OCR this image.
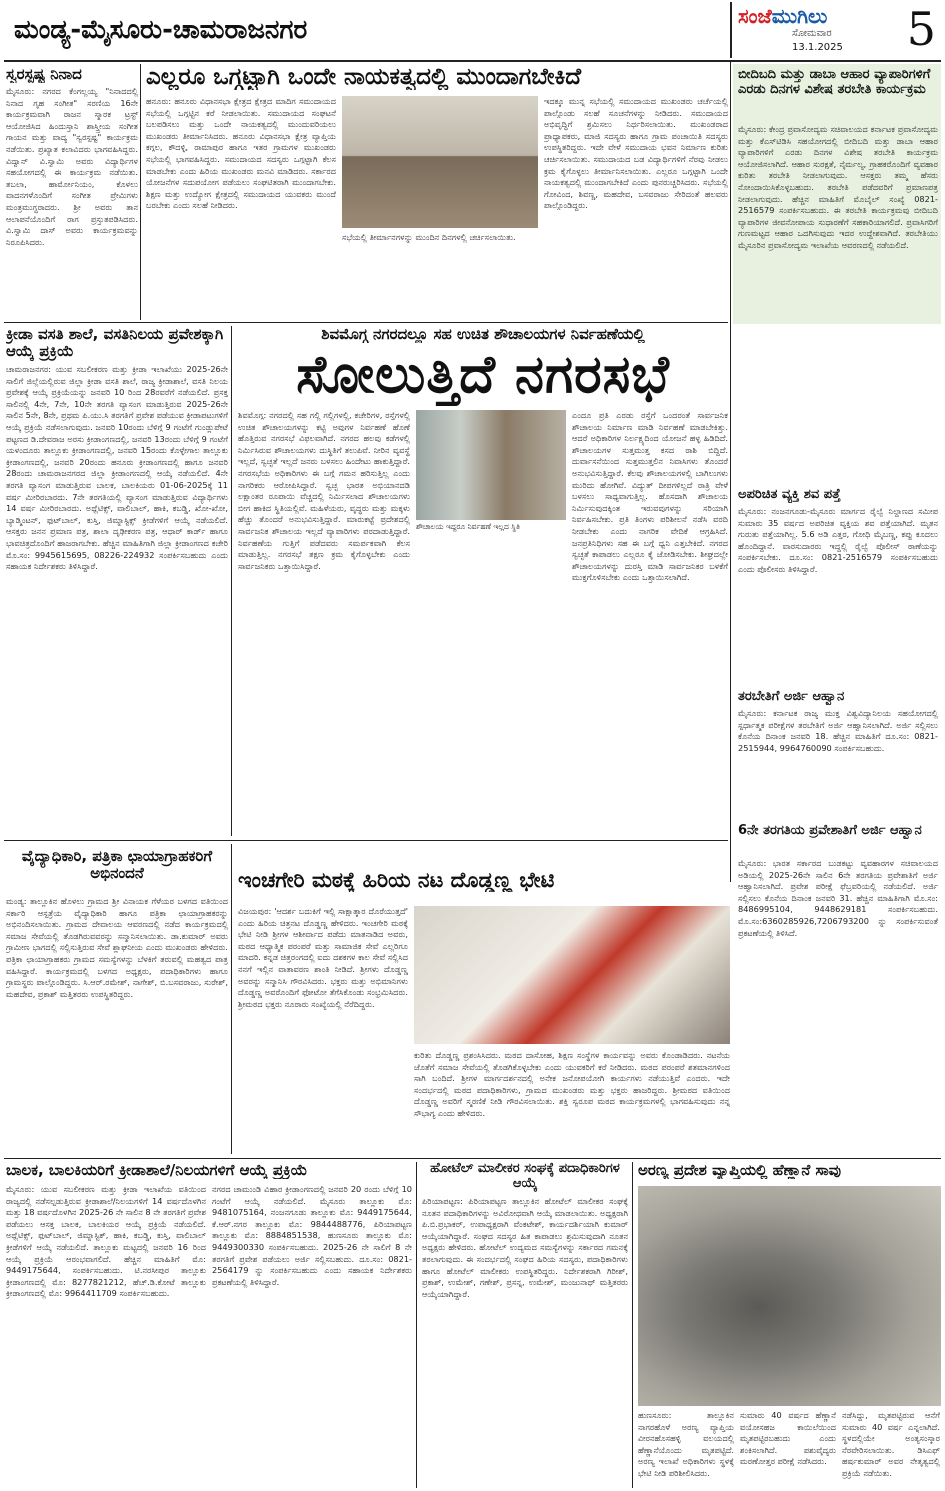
ಮಂಡ್ಯ-ಮೈಸೂರು-ಚಾಮರಾಜನಗರ	ಸಂಜೆಮುಗಿಲು
ಸೋಮವಾರ
13.1.2025 5
ಸ್ವರಸ್ಪಷ್ಟ ನಿನಾದ
ಮೈಸೂರು: ನಗರದ ಕೆಂಗಲ್ಲಯ್ಯ "ನಿನಾದದಲ್ಲಿ ನಿನಾದ ಗೃಹ ಸಂಗೀತ" ಸರಣಿಯ 16ನೇ ಕಾರ್ಯಕ್ರಮವಾಗಿ ರಾಜನ ಸ್ಮಾರಕ ಟ್ರಸ್ಟ್ ಆಯೋಜಿಸಿದ ಹಿಂದುಸ್ತಾನಿ ಶಾಸ್ತ್ರೀಯ ಸಂಗೀತ ಗಾಯನ ಮತ್ತು ವಾದ್ಯ "ಸ್ವರಸ್ಪಷ್ಟ" ಕಾರ್ಯಕ್ರಮ ನಡೆಯಿತು. ಪ್ರಖ್ಯಾತ ಕಲಾವಿದರು ಭಾಗವಹಿಸಿದ್ದರು. ವಿದ್ವಾನ್ ವಿ.ಸ್ವಾಮಿ ಅವರು ವಿದ್ಯಾರ್ಥಿಗಳ ಸಹಯೋಗದಲ್ಲಿ ಈ ಕಾರ್ಯಕ್ರಮ ನಡೆಯಿತು. ತಬಲಾ, ಹಾರ್ಮೋನಿಯಂ, ಕೊಳಲು ವಾದನಗಳೊಂದಿಗೆ ಸಂಗೀತ ಪ್ರೇಮಿಗಳು ಮಂತ್ರಮುಗ್ಧರಾದರು. ಶ್ರೀ ಅವರು ತಾನ ಆಲಾಪನೆಯೊಂದಿಗೆ ರಾಗ ಪ್ರಸ್ತುತಪಡಿಸಿದರು. ವಿ.ಸ್ವಾಮಿ ದಾಸ್ ಅವರು ಕಾರ್ಯಕ್ರಮವನ್ನು ನಿರೂಪಿಸಿದರು.
ಎಲ್ಲರೂ ಒಗ್ಗಟ್ಟಾಗಿ ಒಂದೇ ನಾಯಕತ್ವದಲ್ಲಿ ಮುಂದಾಗಬೇಕಿದೆ
ಹನೂರು: ಹನೂರು ವಿಧಾನಸಭಾ ಕ್ಷೇತ್ರದ ಕ್ಷೇತ್ರದ ಮಾದಿಗ ಸಮುದಾಯದ ಸಭೆಯಲ್ಲಿ ಒಗ್ಗಟ್ಟಿನ ಕರೆ ನೀಡಲಾಯಿತು. ಸಮುದಾಯದ ಸಂಘಟನೆ ಬಲಪಡಿಸಲು ಮತ್ತು ಒಂದೇ ನಾಯಕತ್ವದಲ್ಲಿ ಮುಂದುವರಿಯಲು ಮುಖಂಡರು ತೀರ್ಮಾನಿಸಿದರು. ಹನೂರು ವಿಧಾನಸಭಾ ಕ್ಷೇತ್ರ ವ್ಯಾಪ್ತಿಯ ಕಗ್ಗಲ, ಕೌದಳ್ಳಿ, ರಾಮಾಪುರ ಹಾಗೂ ಇತರ ಗ್ರಾಮಗಳ ಮುಖಂಡರು ಸಭೆಯಲ್ಲಿ ಭಾಗವಹಿಸಿದ್ದರು. ಸಮುದಾಯದ ಸದಸ್ಯರು ಒಗ್ಗಟ್ಟಾಗಿ ಕೆಲಸ ಮಾಡಬೇಕು ಎಂದು ಹಿರಿಯ ಮುಖಂಡರು ಮನವಿ ಮಾಡಿದರು. ಸರ್ಕಾರದ ಯೋಜನೆಗಳ ಸದುಪಯೋಗ ಪಡೆಯಲು ಸಂಘಟಿತರಾಗಿ ಮುಂದಾಗಬೇಕು. ಶಿಕ್ಷಣ ಮತ್ತು ಉದ್ಯೋಗ ಕ್ಷೇತ್ರದಲ್ಲಿ ಸಮುದಾಯದ ಯುವಕರು ಮುಂದೆ ಬರಬೇಕು ಎಂದು ಸಲಹೆ ನೀಡಿದರು.
ಸಭೆಯಲ್ಲಿ ತೀರ್ಮಾನಗಳನ್ನು ಮುಂದಿನ ದಿನಗಳಲ್ಲಿ ಚರ್ಚಿಸಲಾಯಿತು.
ಇದಕ್ಕೂ ಮುನ್ನ ಸಭೆಯಲ್ಲಿ ಸಮುದಾಯದ ಮುಖಂಡರು ಚರ್ಚೆಯಲ್ಲಿ ಪಾಲ್ಗೊಂಡು ಸಲಹೆ ಸೂಚನೆಗಳನ್ನು ನೀಡಿದರು. ಸಮುದಾಯದ ಅಭಿವೃದ್ಧಿಗೆ ಶ್ರಮಿಸಲು ನಿರ್ಧರಿಸಲಾಯಿತು. ಮುಖಂಡರಾದ ಪ್ರಾಧ್ಯಾಪಕರು, ಮಾಜಿ ಸದಸ್ಯರು ಹಾಗೂ ಗ್ರಾಮ ಪಂಚಾಯಿತಿ ಸದಸ್ಯರು ಉಪಸ್ಥಿತರಿದ್ದರು. ಇದೇ ವೇಳೆ ಸಮುದಾಯ ಭವನ ನಿರ್ಮಾಣ ಕುರಿತು ಚರ್ಚಿಸಲಾಯಿತು. ಸಮುದಾಯದ ಬಡ ವಿದ್ಯಾರ್ಥಿಗಳಿಗೆ ನೆರವು ನೀಡಲು ಕ್ರಮ ಕೈಗೊಳ್ಳಲು ತೀರ್ಮಾನಿಸಲಾಯಿತು. ಎಲ್ಲರೂ ಒಗ್ಗಟ್ಟಾಗಿ ಒಂದೇ ನಾಯಕತ್ವದಲ್ಲಿ ಮುಂದಾಗಬೇಕಿದೆ ಎಂದು ಪುನರುಚ್ಚರಿಸಿದರು. ಸಭೆಯಲ್ಲಿ ಗೋವಿಂದ, ಶಿವಣ್ಣ, ಮಹದೇವ, ಬಸವರಾಜು ಸೇರಿದಂತೆ ಹಲವರು ಪಾಲ್ಗೊಂಡಿದ್ದರು.
ಬೀದಿಬದಿ ಮತ್ತು ಡಾಬಾ ಆಹಾರ ವ್ಯಾಪಾರಿಗಳಿಗೆ ಎರಡು ದಿನಗಳ ವಿಶೇಷ ತರಬೇತಿ ಕಾರ್ಯಕ್ರಮ
ಮೈಸೂರು: ಕೇಂದ್ರ ಪ್ರವಾಸೋದ್ಯಮ ಸಚಿವಾಲಯದ ಕರ್ನಾಟಕ ಪ್ರವಾಸೋದ್ಯಮ ಮತ್ತು ಕೆಎಸ್‌ಟಿಡಿಸಿ ಸಹಯೋಗದಲ್ಲಿ ಬೀದಿಬದಿ ಮತ್ತು ಡಾಬಾ ಆಹಾರ ವ್ಯಾಪಾರಿಗಳಿಗೆ ಎರಡು ದಿನಗಳ ವಿಶೇಷ ತರಬೇತಿ ಕಾರ್ಯಕ್ರಮ ಆಯೋಜಿಸಲಾಗಿದೆ. ಆಹಾರ ಸುರಕ್ಷತೆ, ನೈರ್ಮಲ್ಯ, ಗ್ರಾಹಕರೊಂದಿಗೆ ವ್ಯವಹಾರ ಕುರಿತು ತರಬೇತಿ ನೀಡಲಾಗುವುದು. ಆಸಕ್ತರು ತಮ್ಮ ಹೆಸರು ನೋಂದಾಯಿಸಿಕೊಳ್ಳಬಹುದು. ತರಬೇತಿ ಪಡೆದವರಿಗೆ ಪ್ರಮಾಣಪತ್ರ ನೀಡಲಾಗುವುದು. ಹೆಚ್ಚಿನ ಮಾಹಿತಿಗೆ ಮೊಬೈಲ್ ಸಂಖ್ಯೆ 0821-2516579 ಸಂಪರ್ಕಿಸಬಹುದು. ಈ ತರಬೇತಿ ಕಾರ್ಯಕ್ರಮವು ಬೀದಿಬದಿ ವ್ಯಾಪಾರಿಗಳ ಜೀವನೋಪಾಯ ಸುಧಾರಣೆಗೆ ಸಹಕಾರಿಯಾಗಲಿದೆ. ಪ್ರವಾಸಿಗರಿಗೆ ಗುಣಮಟ್ಟದ ಆಹಾರ ಒದಗಿಸುವುದು ಇದರ ಉದ್ದೇಶವಾಗಿದೆ. ತರಬೇತಿಯು ಮೈಸೂರಿನ ಪ್ರವಾಸೋದ್ಯಮ ಇಲಾಖೆಯ ಆವರಣದಲ್ಲಿ ನಡೆಯಲಿದೆ.
ಕ್ರೀಡಾ ವಸತಿ ಶಾಲೆ, ವಸತಿನಿಲಯ ಪ್ರವೇಶಕ್ಕಾಗಿ ಆಯ್ಕೆ ಪ್ರಕ್ರಿಯೆ
ಚಾಮರಾಜನಗರ: ಯುವ ಸಬಲೀಕರಣ ಮತ್ತು ಕ್ರೀಡಾ ಇಲಾಖೆಯು 2025-26ನೇ ಸಾಲಿಗೆ ಜಿಲ್ಲೆಯಲ್ಲಿರುವ ಜಿಲ್ಲಾ ಕ್ರೀಡಾ ವಸತಿ ಶಾಲೆ, ರಾಜ್ಯ ಕ್ರೀಡಾಶಾಲೆ, ವಸತಿ ನಿಲಯ ಪ್ರವೇಶಕ್ಕೆ ಆಯ್ಕೆ ಪ್ರಕ್ರಿಯೆಯನ್ನು ಜನವರಿ 10 ರಿಂದ 28ರವರೆಗೆ ನಡೆಯಲಿದೆ. ಪ್ರಸಕ್ತ ಸಾಲಿನಲ್ಲಿ 4ನೇ, 7ನೇ, 10ನೇ ತರಗತಿ ವ್ಯಾಸಂಗ ಮಾಡುತ್ತಿರುವ 2025-26ನೇ ಸಾಲಿನ 5ನೇ, 8ನೇ, ಪ್ರಥಮ ಪಿ.ಯು.ಸಿ ತರಗತಿಗೆ ಪ್ರವೇಶ ಪಡೆಯುವ ಕ್ರೀಡಾಪಟುಗಳಿಗೆ ಆಯ್ಕೆ ಪ್ರಕ್ರಿಯೆ ನಡೆಸಲಾಗುವುದು. ಜನವರಿ 10ರಂದು ಬೆಳಿಗ್ಗೆ 9 ಗಂಟೆಗೆ ಗುಂಡ್ಲುಪೇಟೆ ಪಟ್ಟಣದ ಡಿ.ದೇವರಾಜ ಅರಸು ಕ್ರೀಡಾಂಗಣದಲ್ಲಿ, ಜನವರಿ 13ರಂದು ಬೆಳಿಗ್ಗೆ 9 ಗಂಟೆಗೆ ಯಳಂದೂರು ತಾಲ್ಲೂಕು ಕ್ರೀಡಾಂಗಣದಲ್ಲಿ, ಜನವರಿ 15ರಂದು ಕೊಳ್ಳೇಗಾಲ ತಾಲ್ಲೂಕು ಕ್ರೀಡಾಂಗಣದಲ್ಲಿ, ಜನವರಿ 20ರಂದು ಹನೂರು ಕ್ರೀಡಾಂಗಣದಲ್ಲಿ ಹಾಗೂ ಜನವರಿ 28ರಂದು ಚಾಮರಾಜನಗರದ ಜಿಲ್ಲಾ ಕ್ರೀಡಾಂಗಣದಲ್ಲಿ ಆಯ್ಕೆ ನಡೆಯಲಿದೆ. 4ನೇ ತರಗತಿ ವ್ಯಾಸಂಗ ಮಾಡುತ್ತಿರುವ ಬಾಲಕ, ಬಾಲಕಿಯರು 01-06-2025ಕ್ಕೆ 11 ವರ್ಷ ಮೀರಿರಬಾರದು. 7ನೇ ತರಗತಿಯಲ್ಲಿ ವ್ಯಾಸಂಗ ಮಾಡುತ್ತಿರುವ ವಿದ್ಯಾರ್ಥಿಗಳು 14 ವರ್ಷ ಮೀರಿರಬಾರದು. ಅಥ್ಲೆಟಿಕ್ಸ್, ವಾಲಿಬಾಲ್, ಹಾಕಿ, ಕಬಡ್ಡಿ, ಖೋ-ಖೋ, ಬ್ಯಾಡ್ಮಿಂಟನ್, ಫುಟ್‌ಬಾಲ್, ಕುಸ್ತಿ, ಜಿಮ್ನಾಸ್ಟಿಕ್ಸ್ ಕ್ರೀಡೆಗಳಿಗೆ ಆಯ್ಕೆ ನಡೆಯಲಿದೆ. ಆಸಕ್ತರು ಜನನ ಪ್ರಮಾಣ ಪತ್ರ, ಶಾಲಾ ದೃಢೀಕರಣ ಪತ್ರ, ಆಧಾರ್ ಕಾರ್ಡ್ ಹಾಗೂ ಭಾವಚಿತ್ರದೊಂದಿಗೆ ಹಾಜರಾಗಬೇಕು. ಹೆಚ್ಚಿನ ಮಾಹಿತಿಗಾಗಿ ಜಿಲ್ಲಾ ಕ್ರೀಡಾಂಗಣದ ಕಚೇರಿ ಮೊ.ಸಂ: 9945615695, 08226-224932 ಸಂಪರ್ಕಿಸಬಹುದು ಎಂದು ಸಹಾಯಕ ನಿರ್ದೇಶಕರು ತಿಳಿಸಿದ್ದಾರೆ.
ಶಿವಮೊಗ್ಗ ನಗರದಲ್ಲೂ ಸಹ ಉಚಿತ ಶೌಚಾಲಯಗಳ ನಿರ್ವಹಣೆಯಲ್ಲಿ
ಸೋಲುತ್ತಿದೆ ನಗರಸಭೆ
ಶಿವಮೊಗ್ಗ: ನಗರದಲ್ಲಿ ಸಹ ಗಲ್ಲಿ ಗಲ್ಲಿಗಳಲ್ಲಿ, ಕಚೇರಿಗಳ, ರಸ್ತೆಗಳಲ್ಲಿ ಉಚಿತ ಶೌಚಾಲಯಗಳನ್ನು ಕಟ್ಟಿ ಅವುಗಳ ನಿರ್ವಹಣೆ ಹೊಣೆ ಹೊತ್ತಿರುವ ನಗರಸಭೆ ವಿಫಲವಾಗಿದೆ. ನಗರದ ಹಲವು ಕಡೆಗಳಲ್ಲಿ ನಿರ್ಮಿಸಿರುವ ಶೌಚಾಲಯಗಳು ದುಸ್ಥಿತಿಗೆ ತಲುಪಿವೆ. ನೀರಿನ ವ್ಯವಸ್ಥೆ ಇಲ್ಲದೆ, ಸ್ವಚ್ಛತೆ ಇಲ್ಲದೆ ಜನರು ಬಳಸಲು ಹಿಂದೇಟು ಹಾಕುತ್ತಿದ್ದಾರೆ. ನಗರಸಭೆಯ ಅಧಿಕಾರಿಗಳು ಈ ಬಗ್ಗೆ ಗಮನ ಹರಿಸುತ್ತಿಲ್ಲ ಎಂದು ನಾಗರಿಕರು ಆರೋಪಿಸಿದ್ದಾರೆ. ಸ್ವಚ್ಛ ಭಾರತ ಅಭಿಯಾನದಡಿ ಲಕ್ಷಾಂತರ ರೂಪಾಯಿ ವೆಚ್ಚದಲ್ಲಿ ನಿರ್ಮಿಸಲಾದ ಶೌಚಾಲಯಗಳು ಬೀಗ ಹಾಕಿದ ಸ್ಥಿತಿಯಲ್ಲಿವೆ. ಮಹಿಳೆಯರು, ವೃದ್ಧರು ಮತ್ತು ಮಕ್ಕಳು ಹೆಚ್ಚು ತೊಂದರೆ ಅನುಭವಿಸುತ್ತಿದ್ದಾರೆ. ಮಾರುಕಟ್ಟೆ ಪ್ರದೇಶದಲ್ಲಿ ಸಾರ್ವಜನಿಕ ಶೌಚಾಲಯ ಇಲ್ಲದೆ ವ್ಯಾಪಾರಿಗಳು ಪರದಾಡುತ್ತಿದ್ದಾರೆ. ನಿರ್ವಹಣೆಯ ಗುತ್ತಿಗೆ ಪಡೆದವರು ಸಮರ್ಪಕವಾಗಿ ಕೆಲಸ ಮಾಡುತ್ತಿಲ್ಲ. ನಗರಸಭೆ ತಕ್ಷಣ ಕ್ರಮ ಕೈಗೊಳ್ಳಬೇಕು ಎಂದು ಸಾರ್ವಜನಿಕರು ಒತ್ತಾಯಿಸಿದ್ದಾರೆ.
ಶೌಚಾಲಯ ಇದ್ದರೂ ನಿರ್ವಹಣೆ ಇಲ್ಲದ ಸ್ಥಿತಿ
ಎಂದೂ ಪ್ರತಿ ಎರಡು ರಸ್ತೆಗೆ ಒಂದರಂತೆ ಸಾರ್ವಜನಿಕ ಶೌಚಾಲಯ ನಿರ್ಮಾಣ ಮಾಡಿ ನಿರ್ವಹಣೆ ಮಾಡಬೇಕಿತ್ತು. ಆದರೆ ಅಧಿಕಾರಿಗಳ ನಿರ್ಲಕ್ಷ್ಯದಿಂದ ಯೋಜನೆ ಹಳ್ಳ ಹಿಡಿದಿದೆ. ಶೌಚಾಲಯಗಳ ಸುತ್ತಮುತ್ತ ಕಸದ ರಾಶಿ ಬಿದ್ದಿದೆ. ದುರ್ವಾಸನೆಯಿಂದ ಸುತ್ತಮುತ್ತಲಿನ ನಿವಾಸಿಗಳು ತೊಂದರೆ ಅನುಭವಿಸುತ್ತಿದ್ದಾರೆ. ಕೆಲವು ಶೌಚಾಲಯಗಳಲ್ಲಿ ಬಾಗಿಲುಗಳು ಮುರಿದು ಹೋಗಿವೆ. ವಿದ್ಯುತ್ ದೀಪಗಳಿಲ್ಲದೆ ರಾತ್ರಿ ವೇಳೆ ಬಳಸಲು ಸಾಧ್ಯವಾಗುತ್ತಿಲ್ಲ. ಹೊಸದಾಗಿ ಶೌಚಾಲಯ ನಿರ್ಮಿಸುವುದಕ್ಕಿಂತ ಇರುವವುಗಳನ್ನು ಸರಿಯಾಗಿ ನಿರ್ವಹಿಸಬೇಕು. ಪ್ರತಿ ತಿಂಗಳು ಪರಿಶೀಲನೆ ನಡೆಸಿ ವರದಿ ನೀಡಬೇಕು ಎಂದು ನಾಗರಿಕ ವೇದಿಕೆ ಆಗ್ರಹಿಸಿದೆ. ಜನಪ್ರತಿನಿಧಿಗಳು ಸಹ ಈ ಬಗ್ಗೆ ಧ್ವನಿ ಎತ್ತಬೇಕಿದೆ. ನಗರದ ಸ್ವಚ್ಛತೆ ಕಾಪಾಡಲು ಎಲ್ಲರೂ ಕೈ ಜೋಡಿಸಬೇಕು. ಶೀಘ್ರದಲ್ಲೇ ಶೌಚಾಲಯಗಳನ್ನು ದುರಸ್ತಿ ಮಾಡಿ ಸಾರ್ವಜನಿಕರ ಬಳಕೆಗೆ ಮುಕ್ತಗೊಳಿಸಬೇಕು ಎಂದು ಒತ್ತಾಯಿಸಲಾಗಿದೆ.
ಅಪರಿಚಿತ ವ್ಯಕ್ತಿ ಶವ ಪತ್ತೆ
ಮೈಸೂರು: ನಂಜನಗೂಡು-ಮೈಸೂರು ಮಾರ್ಗದ ರೈಲ್ವೆ ನಿಲ್ದಾಣದ ಸಮೀಪ ಸುಮಾರು 35 ವರ್ಷದ ಅಪರಿಚಿತ ವ್ಯಕ್ತಿಯ ಶವ ಪತ್ತೆಯಾಗಿದೆ. ಮೃತನ ಗುರುತು ಪತ್ತೆಯಾಗಿಲ್ಲ. 5.6 ಅಡಿ ಎತ್ತರ, ಗೋಧಿ ಮೈಬಣ್ಣ, ಕಪ್ಪು ಕೂದಲು ಹೊಂದಿದ್ದಾನೆ. ವಾರಸುದಾರರು ಇದ್ದಲ್ಲಿ ರೈಲ್ವೆ ಪೊಲೀಸ್ ಠಾಣೆಯನ್ನು ಸಂಪರ್ಕಿಸಬೇಕು. ದೂ.ಸಂ: 0821-2516579 ಸಂಪರ್ಕಿಸಬಹುದು ಎಂದು ಪೊಲೀಸರು ತಿಳಿಸಿದ್ದಾರೆ.
ತರಬೇತಿಗೆ ಅರ್ಜಿ ಆಹ್ವಾನ
ಮೈಸೂರು: ಕರ್ನಾಟಕ ರಾಜ್ಯ ಮುಕ್ತ ವಿಶ್ವವಿದ್ಯಾನಿಲಯ ಸಹಯೋಗದಲ್ಲಿ ಸ್ಪರ್ಧಾತ್ಮಕ ಪರೀಕ್ಷೆಗಳ ತರಬೇತಿಗೆ ಅರ್ಜಿ ಆಹ್ವಾನಿಸಲಾಗಿದೆ. ಅರ್ಜಿ ಸಲ್ಲಿಸಲು ಕೊನೆಯ ದಿನಾಂಕ ಜನವರಿ 18. ಹೆಚ್ಚಿನ ಮಾಹಿತಿಗೆ ದೂ.ಸಂ: 0821-2515944, 9964760090 ಸಂಪರ್ಕಿಸಬಹುದು.
6ನೇ ತರಗತಿಯ ಪ್ರವೇಶಾತಿಗೆ ಅರ್ಜಿ ಆಹ್ವಾನ
ಮೈಸೂರು: ಭಾರತ ಸರ್ಕಾರದ ಬುಡಕಟ್ಟು ವ್ಯವಹಾರಗಳ ಸಚಿವಾಲಯದ ಅಡಿಯಲ್ಲಿ 2025-26ನೇ ಸಾಲಿನ 6ನೇ ತರಗತಿಯ ಪ್ರವೇಶಾತಿಗೆ ಅರ್ಜಿ ಆಹ್ವಾನಿಸಲಾಗಿದೆ. ಪ್ರವೇಶ ಪರೀಕ್ಷೆ ಫೆಬ್ರವರಿಯಲ್ಲಿ ನಡೆಯಲಿದೆ. ಅರ್ಜಿ ಸಲ್ಲಿಸಲು ಕೊನೆಯ ದಿನಾಂಕ ಜನವರಿ 31. ಹೆಚ್ಚಿನ ಮಾಹಿತಿಗಾಗಿ ಮೊ.ಸಂ: 8486995104, 9448629181 ಸಂಪರ್ಕಿಸಬಹುದು. ಮೊ.ಸಂ:6360285926,7206793200 ನ್ನು ಸಂಪರ್ಕಿಸುವಂತೆ ಪ್ರಕಟಣೆಯಲ್ಲಿ ತಿಳಿಸಿದೆ.
ವೈದ್ಯಾಧಿಕಾರಿ, ಪತ್ರಿಕಾ ಛಾಯಾಗ್ರಾಹಕರಿಗೆ ಅಭಿನಂದನೆ
ಮಂಡ್ಯ: ತಾಲ್ಲೂಕಿನ ಹೊಳಲು ಗ್ರಾಮದ ಶ್ರೀ ವಿನಾಯಕ ಗೆಳೆಯರ ಬಳಗದ ವತಿಯಿಂದ ಸರ್ಕಾರಿ ಆಸ್ಪತ್ರೆಯ ವೈದ್ಯಾಧಿಕಾರಿ ಹಾಗೂ ಪತ್ರಿಕಾ ಛಾಯಾಗ್ರಾಹಕರನ್ನು ಅಭಿನಂದಿಸಲಾಯಿತು. ಗ್ರಾಮದ ದೇವಾಲಯ ಆವರಣದಲ್ಲಿ ನಡೆದ ಕಾರ್ಯಕ್ರಮದಲ್ಲಿ ಸಮಾಜ ಸೇವೆಯಲ್ಲಿ ತೊಡಗಿರುವವರನ್ನು ಸನ್ಮಾನಿಸಲಾಯಿತು. ಡಾ.ಕುಮಾರ್ ಅವರು ಗ್ರಾಮೀಣ ಭಾಗದಲ್ಲಿ ಸಲ್ಲಿಸುತ್ತಿರುವ ಸೇವೆ ಶ್ಲಾಘನೀಯ ಎಂದು ಮುಖಂಡರು ಹೇಳಿದರು. ಪತ್ರಿಕಾ ಛಾಯಾಗ್ರಾಹಕರು ಗ್ರಾಮದ ಸಮಸ್ಯೆಗಳನ್ನು ಬೆಳಕಿಗೆ ತರುವಲ್ಲಿ ಮಹತ್ವದ ಪಾತ್ರ ವಹಿಸಿದ್ದಾರೆ. ಕಾರ್ಯಕ್ರಮದಲ್ಲಿ ಬಳಗದ ಅಧ್ಯಕ್ಷರು, ಪದಾಧಿಕಾರಿಗಳು ಹಾಗೂ ಗ್ರಾಮಸ್ಥರು ಪಾಲ್ಗೊಂಡಿದ್ದರು. ಸಿ.ಆರ್.ರಮೇಶ್, ನಾಗೇಶ್, ಬಿ.ಬಸವರಾಜು, ಸುರೇಶ್, ಮಹದೇವ, ಪ್ರಕಾಶ್ ಮತ್ತಿತರರು ಉಪಸ್ಥಿತರಿದ್ದರು.
ಇಂಚಗೇರಿ ಮಠಕ್ಕೆ ಹಿರಿಯ ನಟ ದೊಡ್ಡಣ್ಣ ಭೇಟಿ
ವಿಜಯಪುರ: 'ಆದರ್ಶ ಬದುಕಿಗೆ ಇಲ್ಲಿ ಸಾಕ್ಷಾತ್ಕಾರ ದೊರೆಯುತ್ತದೆ' ಎಂದು ಹಿರಿಯ ಚಿತ್ರನಟ ದೊಡ್ಡಣ್ಣ ಹೇಳಿದರು. ಇಂಚಗೇರಿ ಮಠಕ್ಕೆ ಭೇಟಿ ನೀಡಿ ಶ್ರೀಗಳ ಆಶೀರ್ವಾದ ಪಡೆದು ಮಾತನಾಡಿದ ಅವರು, ಮಠದ ಆಧ್ಯಾತ್ಮಿಕ ಪರಂಪರೆ ಮತ್ತು ಸಾಮಾಜಿಕ ಸೇವೆ ಎಲ್ಲರಿಗೂ ಮಾದರಿ. ಕನ್ನಡ ಚಿತ್ರರಂಗದಲ್ಲಿ ಐದು ದಶಕಗಳ ಕಾಲ ಸೇವೆ ಸಲ್ಲಿಸಿದ ನನಗೆ ಇಲ್ಲಿನ ವಾತಾವರಣ ಶಾಂತಿ ನೀಡಿದೆ. ಶ್ರೀಗಳು ದೊಡ್ಡಣ್ಣ ಅವರನ್ನು ಸನ್ಮಾನಿಸಿ ಗೌರವಿಸಿದರು. ಭಕ್ತರು ಮತ್ತು ಅಭಿಮಾನಿಗಳು ದೊಡ್ಡಣ್ಣ ಅವರೊಂದಿಗೆ ಫೋಟೋ ತೆಗೆಸಿಕೊಂಡು ಸಂಭ್ರಮಿಸಿದರು. ಶ್ರೀಮಠದ ಭಕ್ತರು ನೂರಾರು ಸಂಖ್ಯೆಯಲ್ಲಿ ನೆರೆದಿದ್ದರು.
ಕುರಿತು ದೊಡ್ಡಣ್ಣ ಪ್ರಶಂಸಿಸಿದರು. ಮಠದ ದಾಸೋಹ, ಶಿಕ್ಷಣ ಸಂಸ್ಥೆಗಳ ಕಾರ್ಯವನ್ನು ಅವರು ಕೊಂಡಾಡಿದರು. ನಟನೆಯ ಜೊತೆಗೆ ಸಮಾಜ ಸೇವೆಯಲ್ಲಿ ತೊಡಗಿಕೊಳ್ಳಬೇಕು ಎಂದು ಯುವಕರಿಗೆ ಕರೆ ನೀಡಿದರು. ಮಠದ ಪರಂಪರೆ ಶತಮಾನಗಳಿಂದ ಸಾಗಿ ಬಂದಿದೆ. ಶ್ರೀಗಳ ಮಾರ್ಗದರ್ಶನದಲ್ಲಿ ಅನೇಕ ಜನೋಪಯೋಗಿ ಕಾರ್ಯಗಳು ನಡೆಯುತ್ತಿವೆ ಎಂದರು. ಇದೇ ಸಂದರ್ಭದಲ್ಲಿ ಮಠದ ಪದಾಧಿಕಾರಿಗಳು, ಗ್ರಾಮದ ಮುಖಂಡರು ಮತ್ತು ಭಕ್ತರು ಹಾಜರಿದ್ದರು. ಶ್ರೀಮಠದ ವತಿಯಿಂದ ದೊಡ್ಡಣ್ಣ ಅವರಿಗೆ ಸ್ಮರಣಿಕೆ ನೀಡಿ ಗೌರವಿಸಲಾಯಿತು. ಶಕ್ತಿ ಸ್ವರೂಪ ಮಠದ ಕಾರ್ಯಕ್ರಮಗಳಲ್ಲಿ ಭಾಗವಹಿಸುವುದು ನನ್ನ ಸೌಭಾಗ್ಯ ಎಂದು ಹೇಳಿದರು.
ಬಾಲಕ, ಬಾಲಕಿಯರಿಗೆ ಕ್ರೀಡಾಶಾಲೆ/ನಿಲಯಗಳಿಗೆ ಆಯ್ಕೆ ಪ್ರಕ್ರಿಯೆ
ಮೈಸೂರು: ಯುವ ಸಬಲೀಕರಣ ಮತ್ತು ಕ್ರೀಡಾ ಇಲಾಖೆಯ ವತಿಯಿಂದ ರಾಜ್ಯದಲ್ಲಿ ನಡೆಸಲ್ಪಡುತ್ತಿರುವ ಕ್ರೀಡಾಶಾಲೆ/ನಿಲಯಗಳಿಗೆ 14 ವರ್ಷದೊಳಗಿನ ಮತ್ತು 18 ವರ್ಷದೊಳಗಿನ 2025-26 ನೇ ಸಾಲಿನ 8 ನೇ ತರಗತಿಗೆ ಪ್ರವೇಶ ಪಡೆಯಲು ಆಸಕ್ತ ಬಾಲಕ, ಬಾಲಕಿಯರ ಆಯ್ಕೆ ಪ್ರಕ್ರಿಯೆ ನಡೆಯಲಿದೆ. ಅಥ್ಲೆಟಿಕ್ಸ್, ಫುಟ್‌ಬಾಲ್, ಜಿಮ್ನಾಸ್ಟಿಕ್, ಹಾಕಿ, ಕಬಡ್ಡಿ, ಕುಸ್ತಿ, ವಾಲಿಬಾಲ್ ಕ್ರೀಡೆಗಳಿಗೆ ಆಯ್ಕೆ ನಡೆಯಲಿದೆ. ತಾಲ್ಲೂಕು ಮಟ್ಟದಲ್ಲಿ ಜನವರಿ 16 ರಿಂದ ಆಯ್ಕೆ ಪ್ರಕ್ರಿಯೆ ಆರಂಭವಾಗಲಿದೆ. ಹೆಚ್ಚಿನ ಮಾಹಿತಿಗೆ ಮೊ: 9449175644, ಸಂಪರ್ಕಿಸಬಹುದು. ಟಿ.ನರಸೀಪುರ ತಾಲ್ಲೂಕು ಕ್ರೀಡಾಂಗಣದಲ್ಲಿ ಮೊ: 8277821212, ಹೆಚ್.ಡಿ.ಕೋಟೆ ತಾಲ್ಲೂಕು ಕ್ರೀಡಾಂಗಣದಲ್ಲಿ ಮೊ: 9964411709 ಸಂಪರ್ಕಿಸಬಹುದು.
ನಗರದ ಚಾಮುಂಡಿ ವಿಹಾರ ಕ್ರೀಡಾಂಗಣದಲ್ಲಿ ಜನವರಿ 20 ರಂದು ಬೆಳಿಗ್ಗೆ 10 ಗಂಟೆಗೆ ಆಯ್ಕೆ ನಡೆಯಲಿದೆ. ಮೈಸೂರು ತಾಲ್ಲೂಕು ಮೊ: 9481075164, ನಂಜನಗೂಡು ತಾಲ್ಲೂಕು ಮೊ: 9449175644, ಕೆ.ಆರ್.ನಗರ ತಾಲ್ಲೂಕು ಮೊ: 9844488776, ಪಿರಿಯಾಪಟ್ಟಣ ತಾಲ್ಲೂಕು ಮೊ: 8884851538, ಹುಣಸೂರು ತಾಲ್ಲೂಕು ಮೊ: 9449300330 ಸಂಪರ್ಕಿಸಬಹುದು. 2025-26 ನೇ ಸಾಲಿಗೆ 8 ನೇ ತರಗತಿಗೆ ಪ್ರವೇಶ ಪಡೆಯಲು ಅರ್ಜಿ ಸಲ್ಲಿಸಬಹುದು. ದೂ.ಸಂ: 0821-2564179 ನ್ನು ಸಂಪರ್ಕಿಸಬಹುದು ಎಂದು ಸಹಾಯಕ ನಿರ್ದೇಶಕರು ಪ್ರಕಟಣೆಯಲ್ಲಿ ತಿಳಿಸಿದ್ದಾರೆ.
ಹೋಟೆಲ್ ಮಾಲೀಕರ ಸಂಘಕ್ಕೆ ಪದಾಧಿಕಾರಿಗಳ ಆಯ್ಕೆ
ಪಿರಿಯಾಪಟ್ಟಣ: ಪಿರಿಯಾಪಟ್ಟಣ ತಾಲ್ಲೂಕಿನ ಹೋಟೆಲ್ ಮಾಲೀಕರ ಸಂಘಕ್ಕೆ ನೂತನ ಪದಾಧಿಕಾರಿಗಳನ್ನು ಅವಿರೋಧವಾಗಿ ಆಯ್ಕೆ ಮಾಡಲಾಯಿತು. ಅಧ್ಯಕ್ಷರಾಗಿ ಪಿ.ಬಿ.ಪ್ರಭಾಕರ್, ಉಪಾಧ್ಯಕ್ಷರಾಗಿ ವೆಂಕಟೇಶ್, ಕಾರ್ಯದರ್ಶಿಯಾಗಿ ಕುಮಾರ್ ಆಯ್ಕೆಯಾಗಿದ್ದಾರೆ. ಸಂಘದ ಸದಸ್ಯರ ಹಿತ ಕಾಪಾಡಲು ಶ್ರಮಿಸುವುದಾಗಿ ನೂತನ ಅಧ್ಯಕ್ಷರು ಹೇಳಿದರು. ಹೋಟೆಲ್ ಉದ್ಯಮದ ಸಮಸ್ಯೆಗಳನ್ನು ಸರ್ಕಾರದ ಗಮನಕ್ಕೆ ತರಲಾಗುವುದು. ಈ ಸಂದರ್ಭದಲ್ಲಿ ಸಂಘದ ಹಿರಿಯ ಸದಸ್ಯರು, ಪದಾಧಿಕಾರಿಗಳು ಹಾಗೂ ಹೋಟೆಲ್ ಮಾಲೀಕರು ಉಪಸ್ಥಿತರಿದ್ದರು. ನಿರ್ದೇಶಕರಾಗಿ ಗಿರೀಶ್, ಪ್ರಕಾಶ್, ಉಮೇಶ್, ಗಣೇಶ್, ಪ್ರಸನ್ನ, ಉಮೇಶ್, ಮಂಜುನಾಥ್ ಮತ್ತಿತರರು ಆಯ್ಕೆಯಾಗಿದ್ದಾರೆ.
ಅರಣ್ಯ ಪ್ರದೇಶ ವ್ಯಾಪ್ತಿಯಲ್ಲಿ ಹೆಣ್ಣಾನೆ ಸಾವು
ಹುಣಸೂರು: ತಾಲ್ಲೂಕಿನ ನಾಗರಹೊಳೆ ಅರಣ್ಯ ವ್ಯಾಪ್ತಿಯ ವೀರನಹೊಸಹಳ್ಳಿ ವಲಯದಲ್ಲಿ ಹೆಣ್ಣಾನೆಯೊಂದು ಮೃತಪಟ್ಟಿದೆ. ಅರಣ್ಯ ಇಲಾಖೆ ಅಧಿಕಾರಿಗಳು ಸ್ಥಳಕ್ಕೆ ಭೇಟಿ ನೀಡಿ ಪರಿಶೀಲಿಸಿದರು.
ಸುಮಾರು 40 ವರ್ಷದ ಹೆಣ್ಣಾನೆ ವಯೋಸಹಜ ಕಾಯಿಲೆಯಿಂದ ಮೃತಪಟ್ಟಿರಬಹುದು ಎಂದು ಶಂಕಿಸಲಾಗಿದೆ. ಪಶುವೈದ್ಯರು ಮರಣೋತ್ತರ ಪರೀಕ್ಷೆ ನಡೆಸಿದರು.
ನಡೆಸಿದ್ದು, ಮೃತಪಟ್ಟಿರುವ ಆನೆಗೆ ಸುಮಾರು 40 ವರ್ಷ ಎನ್ನಲಾಗಿದೆ. ಸ್ಥಳದಲ್ಲಿಯೇ ಅಂತ್ಯಸಂಸ್ಕಾರ ನೆರವೇರಿಸಲಾಯಿತು. ಡಿಸಿಎಫ್ ಹರ್ಷಕುಮಾರ್ ಅವರ ನೇತೃತ್ವದಲ್ಲಿ ಪ್ರಕ್ರಿಯೆ ನಡೆಯಿತು.
